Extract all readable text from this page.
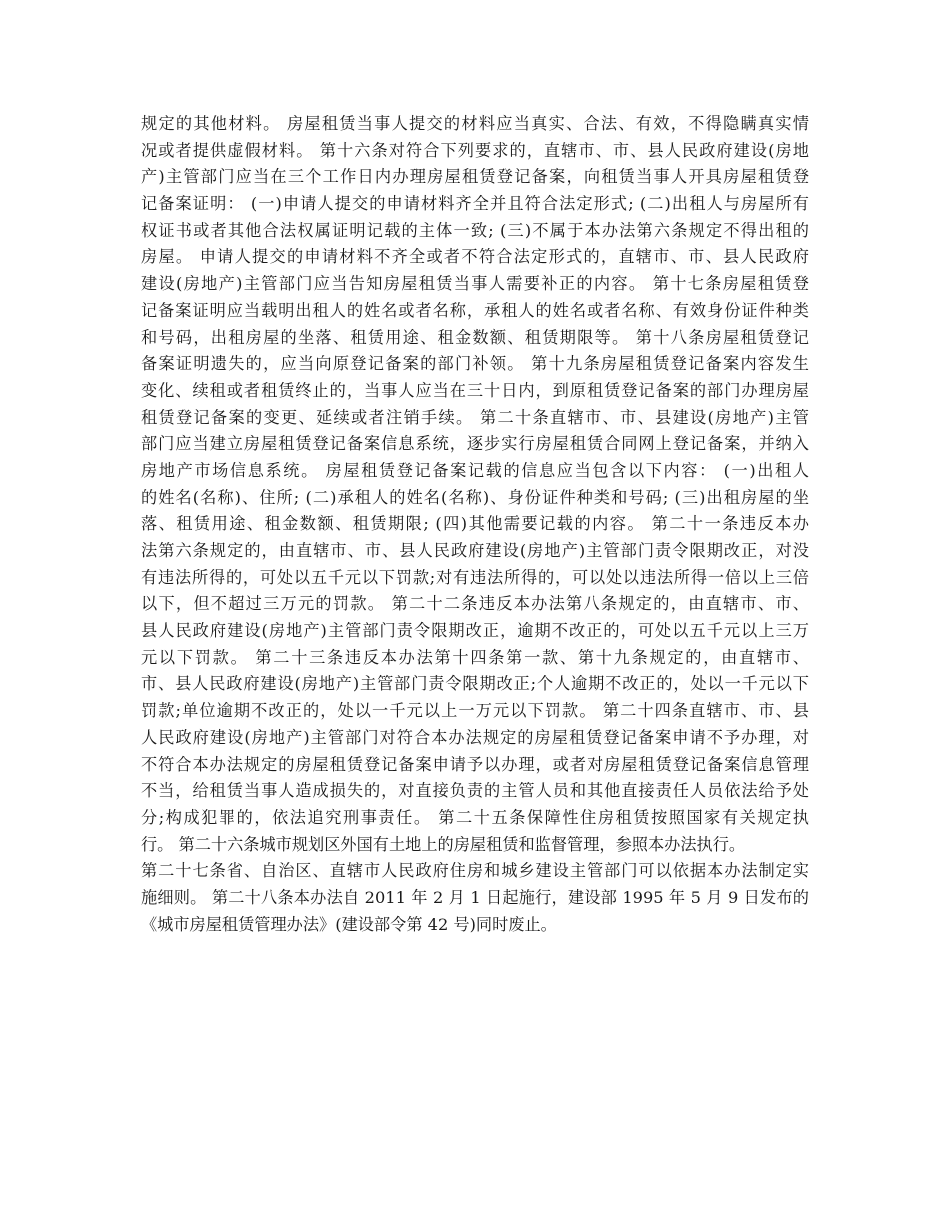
规定的其他材料。 房屋租赁当事人提交的材料应当真实、合法、有效，不得隐瞒真实情
况或者提供虚假材料。 第十六条对符合下列要求的，直辖市、市、县人民政府建设(房地
产)主管部门应当在三个工作日内办理房屋租赁登记备案，向租赁当事人开具房屋租赁登
记备案证明： (一)申请人提交的申请材料齐全并且符合法定形式; (二)出租人与房屋所有
权证书或者其他合法权属证明记载的主体一致; (三)不属于本办法第六条规定不得出租的
房屋。 申请人提交的申请材料不齐全或者不符合法定形式的，直辖市、市、县人民政府
建设(房地产)主管部门应当告知房屋租赁当事人需要补正的内容。 第十七条房屋租赁登
记备案证明应当载明出租人的姓名或者名称，承租人的姓名或者名称、有效身份证件种类
和号码，出租房屋的坐落、租赁用途、租金数额、租赁期限等。 第十八条房屋租赁登记
备案证明遗失的，应当向原登记备案的部门补领。 第十九条房屋租赁登记备案内容发生
变化、续租或者租赁终止的，当事人应当在三十日内，到原租赁登记备案的部门办理房屋
租赁登记备案的变更、延续或者注销手续。 第二十条直辖市、市、县建设(房地产)主管
部门应当建立房屋租赁登记备案信息系统，逐步实行房屋租赁合同网上登记备案，并纳入
房地产市场信息系统。 房屋租赁登记备案记载的信息应当包含以下内容： (一)出租人
的姓名(名称)、住所; (二)承租人的姓名(名称)、身份证件种类和号码; (三)出租房屋的坐
落、租赁用途、租金数额、租赁期限; (四)其他需要记载的内容。 第二十一条违反本办
法第六条规定的，由直辖市、市、县人民政府建设(房地产)主管部门责令限期改正，对没
有违法所得的，可处以五千元以下罚款;对有违法所得的，可以处以违法所得一倍以上三倍
以下，但不超过三万元的罚款。 第二十二条违反本办法第八条规定的，由直辖市、市、
县人民政府建设(房地产)主管部门责令限期改正，逾期不改正的，可处以五千元以上三万
元以下罚款。 第二十三条违反本办法第十四条第一款、第十九条规定的，由直辖市、
市、县人民政府建设(房地产)主管部门责令限期改正;个人逾期不改正的，处以一千元以下
罚款;单位逾期不改正的，处以一千元以上一万元以下罚款。 第二十四条直辖市、市、县
人民政府建设(房地产)主管部门对符合本办法规定的房屋租赁登记备案申请不予办理，对
不符合本办法规定的房屋租赁登记备案申请予以办理，或者对房屋租赁登记备案信息管理
不当，给租赁当事人造成损失的，对直接负责的主管人员和其他直接责任人员依法给予处
分;构成犯罪的，依法追究刑事责任。 第二十五条保障性住房租赁按照国家有关规定执
行。 第二十六条城市规划区外国有土地上的房屋租赁和监督管理，参照本办法执行。
第二十七条省、自治区、直辖市人民政府住房和城乡建设主管部门可以依据本办法制定实
施细则。 第二十八条本办法自 2011 年 2 月 1 日起施行，建设部 1995 年 5 月 9 日发布的
《城市房屋租赁管理办法》(建设部令第 42 号)同时废止。
